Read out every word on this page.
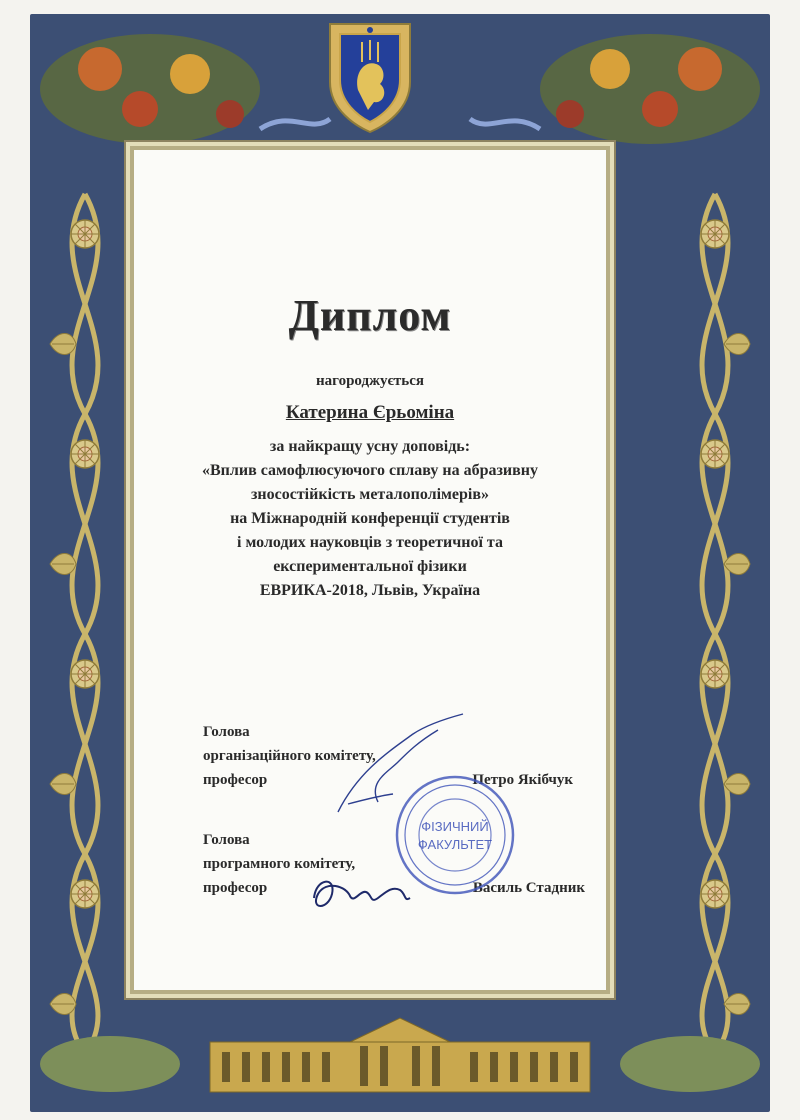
Диплом

нагороджується

Катерина Єрьоміна

за найкращу усну доповідь:

«Вплив самофлюсуючого сплаву на абразивну

зносостійкість металополімерів»

на Міжнародній конференції студентів

і молодих науковців з теоретичної та

експериментальної фізики

ЕВРИКА-2018, Львів, Україна

Голова
організаційного комітету,
професор	Петро Якібчук
Голова
програмного комітету,
професор	Василь Стадник
ФІЗИЧНИЙ
ФАКУЛЬТЕТ
